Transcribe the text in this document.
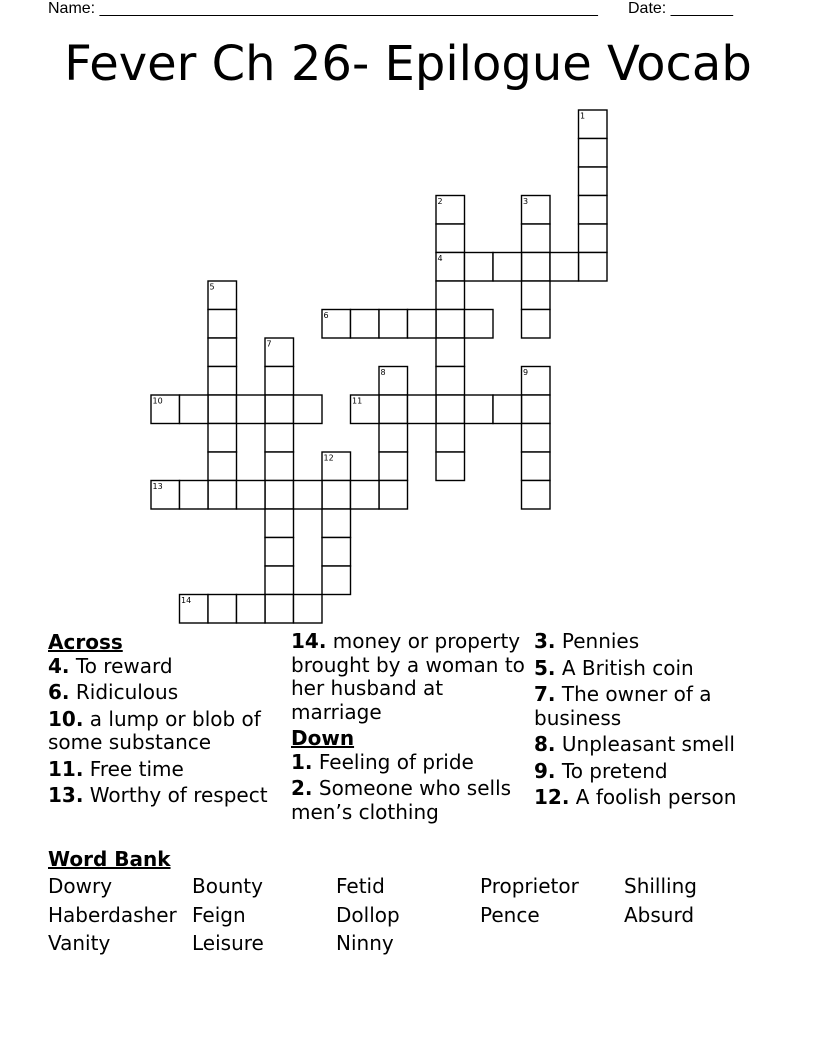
Name: ________________________________________________________ Date: _______
Fever Ch 26- Epilogue Vocab
1
2	3
4
5
6
7
8	9
10	11
12
13
14
Across
4. To reward
6. Ridiculous
10. a lump or blob of some substance
11. Free time
13. Worthy of respect
14. money or property brought by a woman to her husband at marriage
Down
1. Feeling of pride
2. Someone who sells men’s clothing
3. Pennies
5. A British coin
7. The owner of a business
8. Unpleasant smell
9. To pretend
12. A foolish person
Word Bank
Dowry	Bounty	Fetid	Proprietor	Shilling
Haberdasher Feign	Dollop	Pence	Absurd
Vanity	Leisure	Ninny
